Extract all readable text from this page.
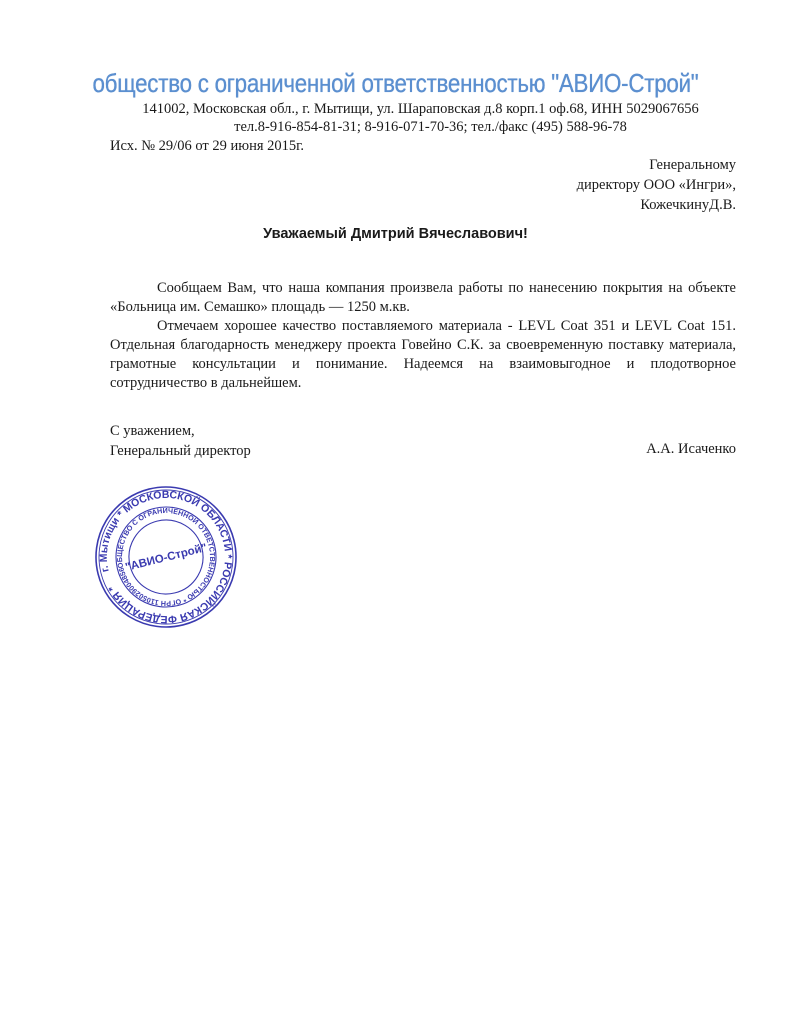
общество с ограниченной ответственностью "АВИО-Строй"
141002, Московская обл., г. Мытищи, ул. Шараповская д.8 корп.1 оф.68, ИНН 5029067656
тел.8-916-854-81-31; 8-916-071-70-36; тел./факс (495) 588-96-78
Исх. № 29/06 от 29 июня 2015г.
Генеральному
директору ООО «Ингри»,
КожечкинуД.В.
Уважаемый Дмитрий Вячеславович!

Сообщаем Вам, что наша компания произвела работы по нанесению покрытия на объекте «Больница им. Семашко» площадь — 1250 м.кв.

Отмечаем хорошее качество поставляемого материала - LEVL Coat 351 и LEVL Coat 151. Отдельная благодарность менеджеру проекта Говейно С.К. за своевременную поставку материала, грамотные консультации и понимание. Надеемся на взаимовыгодное и плодотворное сотрудничество в дальнейшем.

С уважением,
Генеральный директор	А.А. Исаченко
г. Мытищи * МОСКОВСКОЙ ОБЛАСТИ * РОССИЙСКАЯ ФЕДЕРАЦИЯ *
ОБЩЕСТВО С ОГРАНИЧЕННОЙ ОТВЕТСТВЕННОСТЬЮ * ОГРН 1105029004856
"АВИО-Строй"
